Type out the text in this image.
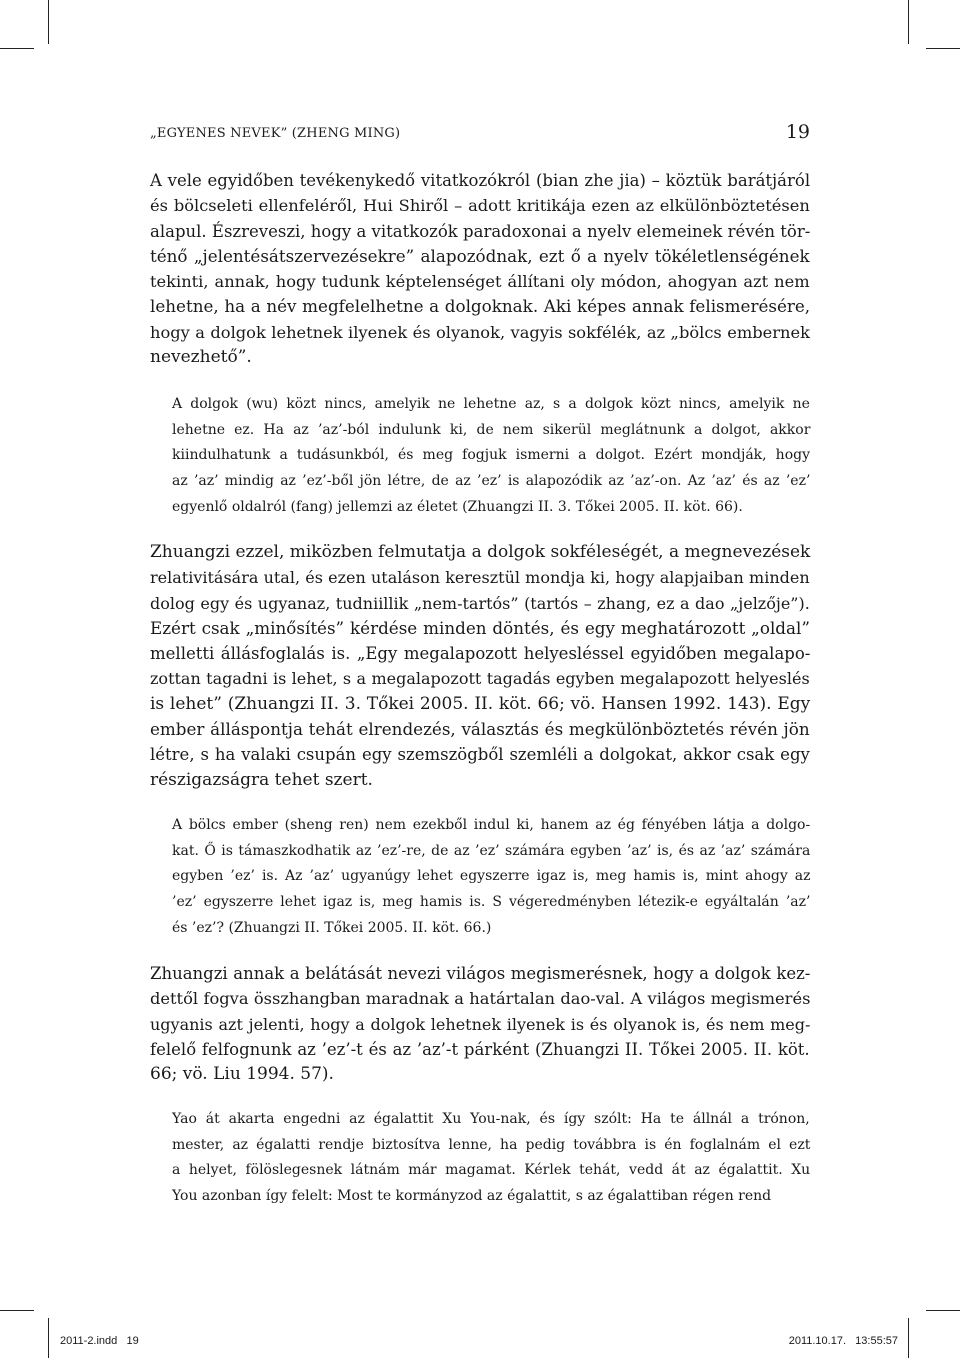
„EGYENES NEVEK” (ZHENG MING)	19
A vele egyidőben tevékenykedő vitatkozókról (bian zhe jia) – köztük barátjáról
és bölcseleti ellenfeléről, Hui Shiről – adott kritikája ezen az elkülönböztetésen
alapul. Észreveszi, hogy a vitatkozók paradoxonai a nyelv elemeinek révén tör-
ténő „jelentésátszervezésekre” alapozódnak, ezt ő a nyelv tökéletlenségének
tekinti, annak, hogy tudunk képtelenséget állítani oly módon, ahogyan azt nem
lehetne, ha a név megfelelhetne a dolgoknak. Aki képes annak felismerésére,
hogy a dolgok lehetnek ilyenek és olyanok, vagyis sokfélék, az „bölcs embernek
nevezhető”.
A dolgok (wu) közt nincs, amelyik ne lehetne az, s a dolgok közt nincs, amelyik ne
lehetne ez. Ha az ’az’-ból indulunk ki, de nem sikerül meglátnunk a dolgot, akkor
kiindulhatunk a tudásunkból, és meg fogjuk ismerni a dolgot. Ezért mondják, hogy
az ’az’ mindig az ’ez’-ből jön létre, de az ’ez’ is alapozódik az ’az’-on. Az ’az’ és az ’ez’
egyenlő oldalról (fang) jellemzi az életet (Zhuangzi II. 3. Tőkei 2005. II. köt. 66).
Zhuangzi ezzel, miközben felmutatja a dolgok sokféleségét, a megnevezések
relativitására utal, és ezen utaláson keresztül mondja ki, hogy alapjaiban minden
dolog egy és ugyanaz, tudniillik „nem-tartós” (tartós – zhang, ez a dao „jelzője”).
Ezért csak „minősítés” kérdése minden döntés, és egy meghatározott „oldal”
melletti állásfoglalás is. „Egy megalapozott helyesléssel egyidőben megalapo-
zottan tagadni is lehet, s a megalapozott tagadás egyben megalapozott helyeslés
is lehet” (Zhuangzi II. 3. Tőkei 2005. II. köt. 66; vö. Hansen 1992. 143). Egy
ember álláspontja tehát elrendezés, választás és megkülönböztetés révén jön
létre, s ha valaki csupán egy szemszögből szemléli a dolgokat, akkor csak egy
részigazságra tehet szert.
A bölcs ember (sheng ren) nem ezekből indul ki, hanem az ég fényében látja a dolgo-
kat. Ő is támaszkodhatik az ’ez’-re, de az ’ez’ számára egyben ’az’ is, és az ’az’ számára
egyben ’ez’ is. Az ’az’ ugyanúgy lehet egyszerre igaz is, meg hamis is, mint ahogy az
’ez’ egyszerre lehet igaz is, meg hamis is. S végeredményben létezik-e egyáltalán ’az’
és ’ez’? (Zhuangzi II. Tőkei 2005. II. köt. 66.)
Zhuangzi annak a belátását nevezi világos megismerésnek, hogy a dolgok kez-
dettől fogva összhangban maradnak a határtalan dao-val. A világos megismerés
ugyanis azt jelenti, hogy a dolgok lehetnek ilyenek is és olyanok is, és nem meg-
felelő felfognunk az ’ez’-t és az ’az’-t párként (Zhuangzi II. Tőkei 2005. II. köt.
66; vö. Liu 1994. 57).
Yao át akarta engedni az égalattit Xu You-nak, és így szólt: Ha te állnál a trónon,
mester, az égalatti rendje biztosítva lenne, ha pedig továbbra is én foglalnám el ezt
a helyet, fölöslegesnek látnám már magamat. Kérlek tehát, vedd át az égalattit. Xu
You azonban így felelt: Most te kormányzod az égalattit, s az égalattiban régen rend
2011-2.indd   19	2011.10.17.   13:55:57
